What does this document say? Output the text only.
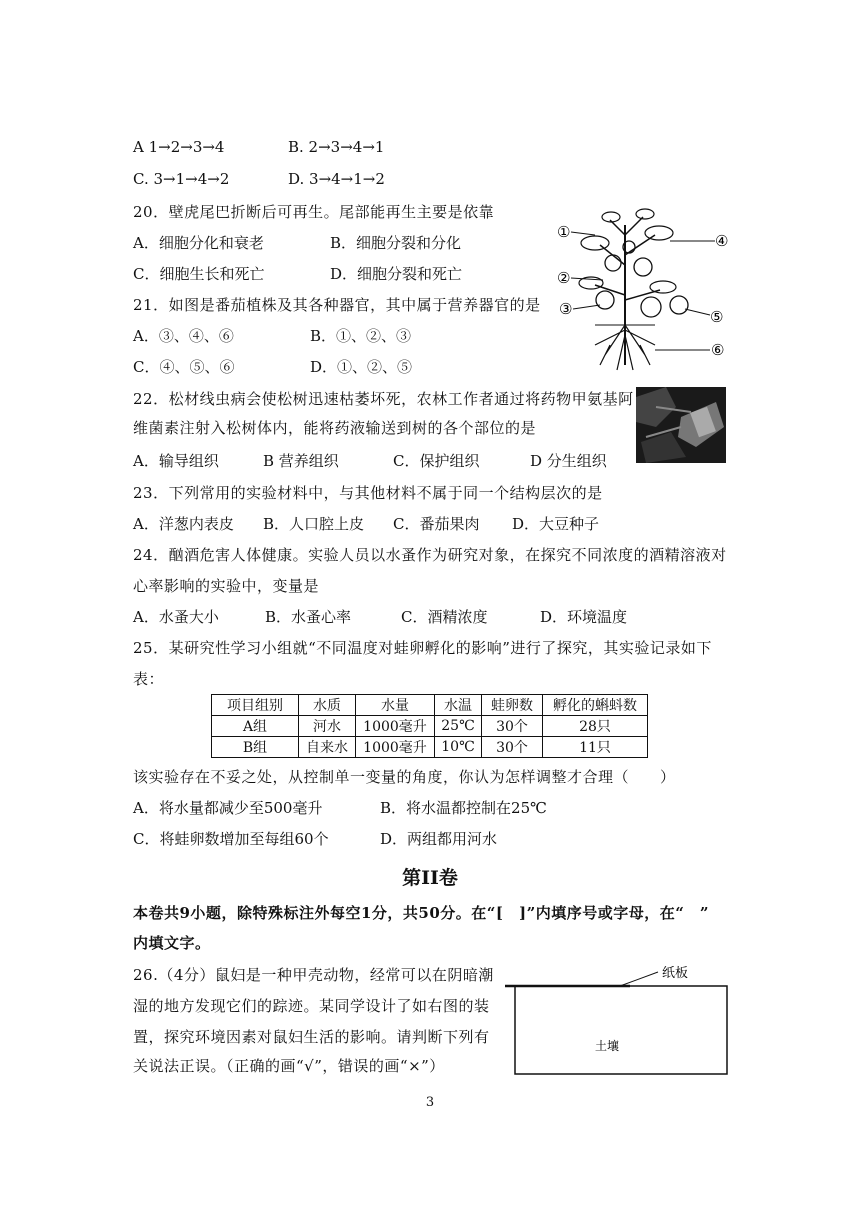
A 1→2→3→4	B. 2→3→4→1
C. 3→1→4→2	D. 3→4→1→2
20．壁虎尾巴折断后可再生。尾部能再生主要是依靠
A．细胞分化和衰老	B．细胞分裂和分化
C．细胞生长和死亡	D．细胞分裂和死亡
21．如图是番茄植株及其各种器官，其中属于营养器官的是
A．③、④、⑥	B．①、②、③
C．④、⑤、⑥	D．①、②、⑤
①
②
③
④
⑤
⑥
22．松材线虫病会使松树迅速枯萎坏死，农林工作者通过将药物甲氨基阿
维菌素注射入松树体内，能将药液输送到树的各个部位的是
A．输导组织	B 营养组织	C．保护组织	D 分生组织
23．下列常用的实验材料中，与其他材料不属于同一个结构层次的是
A．洋葱内表皮 B．人口腔上皮 C．番茄果肉 D．大豆种子
24．酗酒危害人体健康。实验人员以水蚤作为研究对象，在探究不同浓度的酒精溶液对
心率影响的实验中，变量是
A．水蚤大小	B．水蚤心率	C．酒精浓度	D．环境温度
25．某研究性学习小组就“不同温度对蛙卵孵化的影响”进行了探究，其实验记录如下
表：
项目组别	水质	水量	水温	蛙卵数	孵化的蝌蚪数
A组	河水	1000毫升	25℃	30个	28只
B组	自来水	1000毫升	10℃	30个	11只
该实验存在不妥之处，从控制单一变量的角度，你认为怎样调整才合理（　　）
A．将水量都减少至500毫升	B．将水温都控制在25℃
C．将蛙卵数增加至每组60个	D．两组都用河水
第II卷
本卷共9小题，除特殊标注外每空1分，共50分。在“[　]”内填序号或字母，在“　”
内填文字。
26.（4分）鼠妇是一种甲壳动物，经常可以在阴暗潮
湿的地方发现它们的踪迹。某同学设计了如右图的装
置，探究环境因素对鼠妇生活的影响。请判断下列有
关说法正误。（正确的画“√”，错误的画“×”）
纸板
土壤
3
